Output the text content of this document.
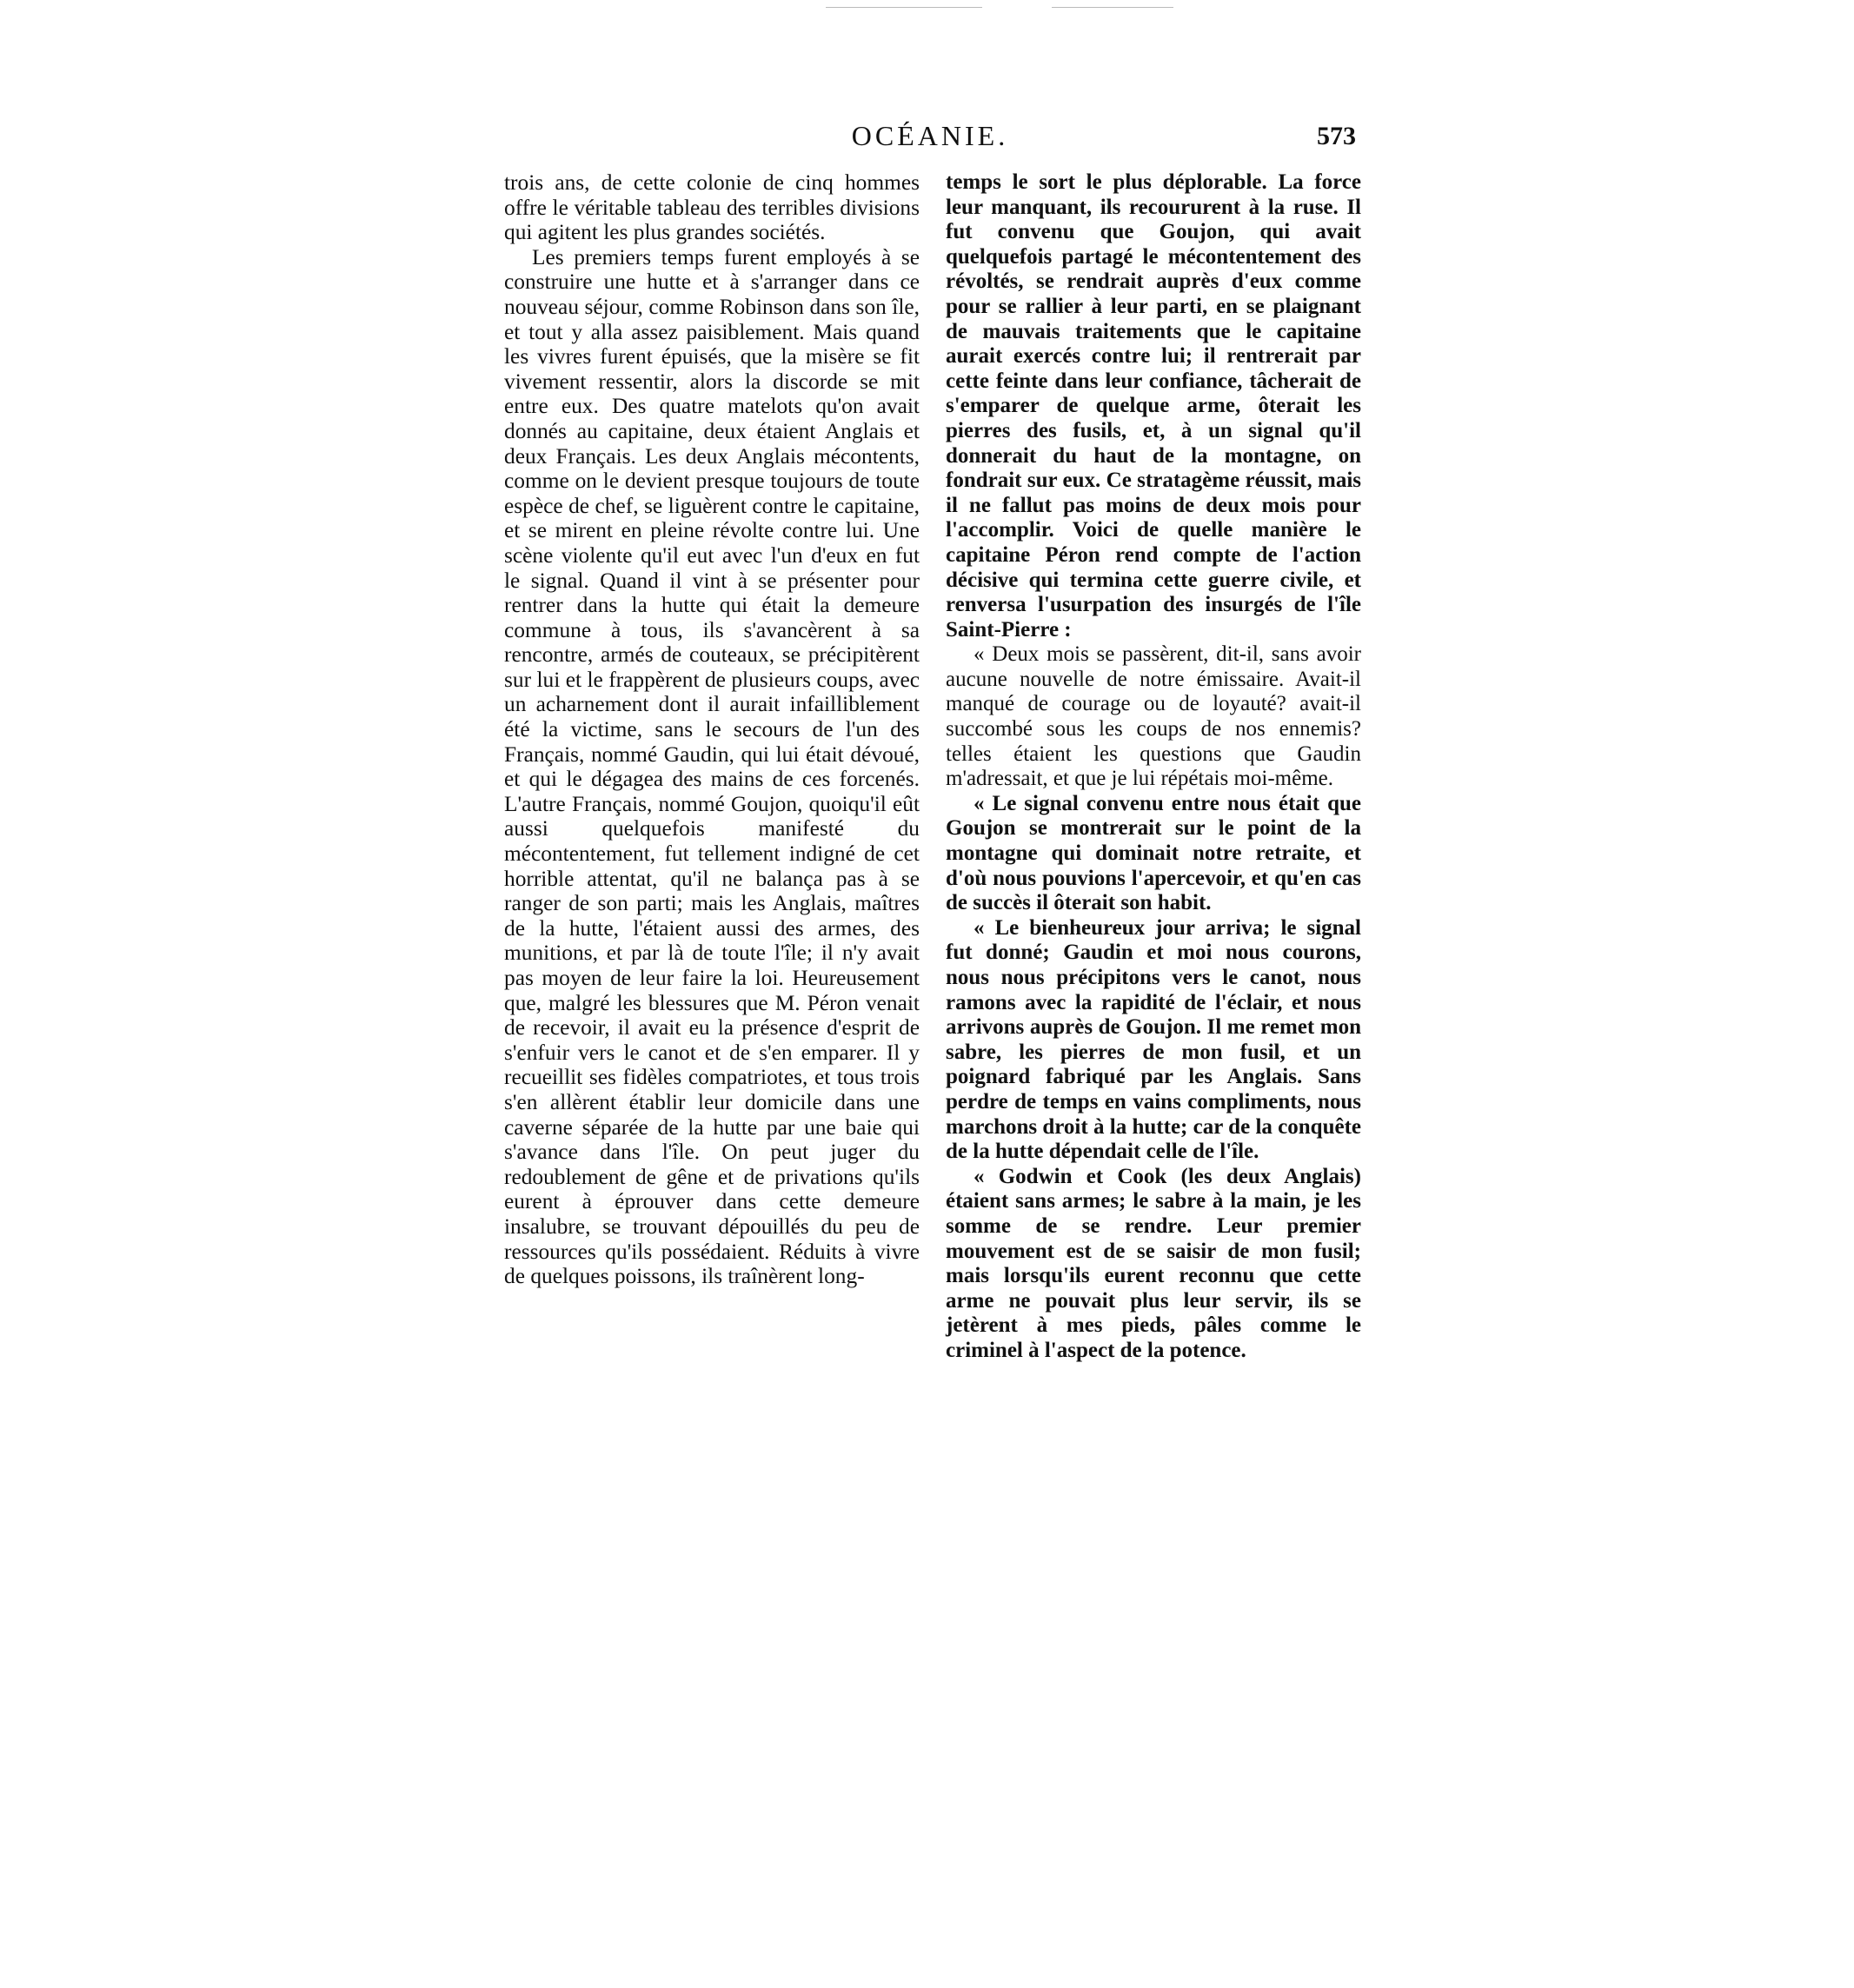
OCÉANIE.	573

trois ans, de cette colonie de cinq hommes offre le véritable tableau des terribles divisions qui agitent les plus grandes sociétés.

Les premiers temps furent employés à se construire une hutte et à s'arranger dans ce nouveau séjour, comme Robinson dans son île, et tout y alla assez paisiblement. Mais quand les vivres furent épuisés, que la misère se fit vivement ressentir, alors la discorde se mit entre eux. Des quatre matelots qu'on avait donnés au capitaine, deux étaient Anglais et deux Français. Les deux Anglais mécontents, comme on le devient presque toujours de toute espèce de chef, se liguèrent contre le capitaine, et se mirent en pleine révolte contre lui. Une scène violente qu'il eut avec l'un d'eux en fut le signal. Quand il vint à se présenter pour rentrer dans la hutte qui était la demeure commune à tous, ils s'avancèrent à sa rencontre, armés de couteaux, se précipitèrent sur lui et le frappèrent de plusieurs coups, avec un acharnement dont il aurait infailliblement été la victime, sans le secours de l'un des Français, nommé Gaudin, qui lui était dévoué, et qui le dégagea des mains de ces forcenés. L'autre Français, nommé Goujon, quoiqu'il eût aussi quelquefois manifesté du mécontentement, fut tellement indigné de cet horrible attentat, qu'il ne balança pas à se ranger de son parti; mais les Anglais, maîtres de la hutte, l'étaient aussi des armes, des munitions, et par là de toute l'île; il n'y avait pas moyen de leur faire la loi. Heureusement que, malgré les blessures que M. Péron venait de recevoir, il avait eu la présence d'esprit de s'enfuir vers le canot et de s'en emparer. Il y recueillit ses fidèles compatriotes, et tous trois s'en allèrent établir leur domicile dans une caverne séparée de la hutte par une baie qui s'avance dans l'île. On peut juger du redoublement de gêne et de privations qu'ils eurent à éprouver dans cette demeure insalubre, se trouvant dépouillés du peu de ressources qu'ils possédaient. Réduits à vivre de quelques poissons, ils traînèrent long-

temps le sort le plus déplorable. La force leur manquant, ils recoururent à la ruse. Il fut convenu que Goujon, qui avait quelquefois partagé le mécontentement des révoltés, se rendrait auprès d'eux comme pour se rallier à leur parti, en se plaignant de mauvais traitements que le capitaine aurait exercés contre lui; il rentrerait par cette feinte dans leur confiance, tâcherait de s'emparer de quelque arme, ôterait les pierres des fusils, et, à un signal qu'il donnerait du haut de la montagne, on fondrait sur eux. Ce stratagème réussit, mais il ne fallut pas moins de deux mois pour l'accomplir. Voici de quelle manière le capitaine Péron rend compte de l'action décisive qui termina cette guerre civile, et renversa l'usurpation des insurgés de l'île Saint-Pierre :

« Deux mois se passèrent, dit-il, sans avoir aucune nouvelle de notre émissaire. Avait-il manqué de courage ou de loyauté? avait-il succombé sous les coups de nos ennemis? telles étaient les questions que Gaudin m'adressait, et que je lui répétais moi-même.

« Le signal convenu entre nous était que Goujon se montrerait sur le point de la montagne qui dominait notre retraite, et d'où nous pouvions l'apercevoir, et qu'en cas de succès il ôterait son habit.

« Le bienheureux jour arriva; le signal fut donné; Gaudin et moi nous courons, nous nous précipitons vers le canot, nous ramons avec la rapidité de l'éclair, et nous arrivons auprès de Goujon. Il me remet mon sabre, les pierres de mon fusil, et un poignard fabriqué par les Anglais. Sans perdre de temps en vains compliments, nous marchons droit à la hutte; car de la conquête de la hutte dépendait celle de l'île.

« Godwin et Cook (les deux Anglais) étaient sans armes; le sabre à la main, je les somme de se rendre. Leur premier mouvement est de se saisir de mon fusil; mais lorsqu'ils eurent reconnu que cette arme ne pouvait plus leur servir, ils se jetèrent à mes pieds, pâles comme le criminel à l'aspect de la potence.
